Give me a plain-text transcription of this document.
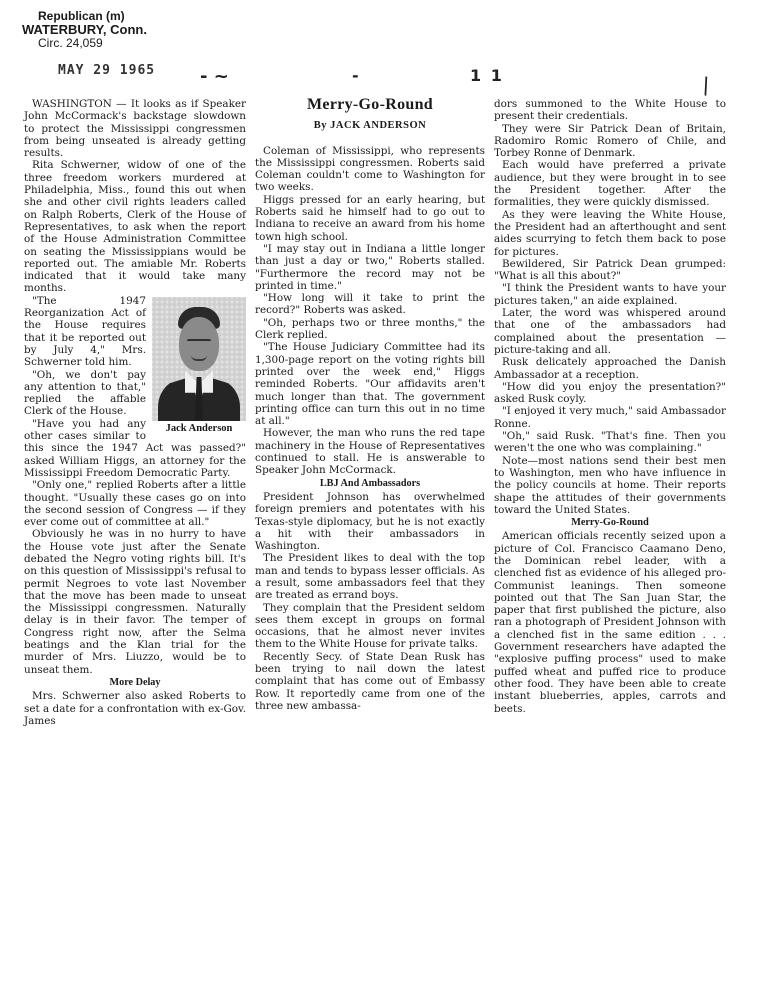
Republican (m)
WATERBURY, Conn.
Circ. 24,059
MAY 29 1965 - ~	-	1 1	\

WASHINGTON — It looks as if Speaker John McCormack's backstage slowdown to protect the Mississippi congressmen from being unseated is already getting results.

Rita Schwerner, widow of one of the three freedom workers murdered at Philadelphia, Miss., found this out when she and other civil rights leaders called on Ralph Roberts, Clerk of the House of Representatives, to ask when the report of the House Administration Committee on seating the Mississippians would be reported out. The amiable Mr. Roberts indicated that it would take many months.

Jack Anderson

"The 1947 Reorganization Act of the House requires that it be reported out by July 4," Mrs. Schwerner told him.

"Oh, we don't pay any attention to that," replied the affable Clerk of the House.

"Have you had any other cases similar to this since the 1947 Act was passed?" asked William Higgs, an attorney for the Mississippi Freedom Democratic Party.

"Only one," replied Roberts after a little thought. "Usually these cases go on into the second session of Congress — if they ever come out of committee at all."

Obviously he was in no hurry to have the House vote just after the Senate debated the Negro voting rights bill. It's on this question of Mississippi's refusal to permit Negroes to vote last November that the move has been made to unseat the Mississippi congressmen. Naturally delay is in their favor. The temper of Congress right now, after the Selma beatings and the Klan trial for the murder of Mrs. Liuzzo, would be to unseat them.

More Delay

Mrs. Schwerner also asked Roberts to set a date for a confrontation with ex-Gov. James

Merry-Go-Round
By JACK ANDERSON

Coleman of Mississippi, who represents the Mississippi congressmen. Roberts said Coleman couldn't come to Washington for two weeks.

Higgs pressed for an early hearing, but Roberts said he himself had to go out to Indiana to receive an award from his home town high school.

"I may stay out in Indiana a little longer than just a day or two," Roberts stalled. "Furthermore the record may not be printed in time."

"How long will it take to print the record?" Roberts was asked.

"Oh, perhaps two or three months," the Clerk replied.

"The House Judiciary Committee had its 1,300-page report on the voting rights bill printed over the week end," Higgs reminded Roberts. "Our affidavits aren't much longer than that. The government printing office can turn this out in no time at all."

However, the man who runs the red tape machinery in the House of Representatives continued to stall. He is answerable to Speaker John McCormack.

LBJ And Ambassadors

President Johnson has overwhelmed foreign premiers and potentates with his Texas-style diplomacy, but he is not exactly a hit with their ambassadors in Washington.

The President likes to deal with the top man and tends to bypass lesser officials. As a result, some ambassadors feel that they are treated as errand boys.

They complain that the President seldom sees them except in groups on formal occasions, that he almost never invites them to the White House for private talks.

Recently Secy. of State Dean Rusk has been trying to nail down the latest complaint that has come out of Embassy Row. It reportedly came from one of the three new ambassa-

dors summoned to the White House to present their credentials.

They were Sir Patrick Dean of Britain, Radomiro Romic Romero of Chile, and Torbey Ronne of Denmark.

Each would have preferred a private audience, but they were brought in to see the President together. After the formalities, they were quickly dismissed.

As they were leaving the White House, the President had an afterthought and sent aides scurrying to fetch them back to pose for pictures.

Bewildered, Sir Patrick Dean grumped: "What is all this about?"

"I think the President wants to have your pictures taken," an aide explained.

Later, the word was whispered around that one of the ambassadors had complained about the presentation — picture-taking and all.

Rusk delicately approached the Danish Ambassador at a reception.

"How did you enjoy the presentation?" asked Rusk coyly.

"I enjoyed it very much," said Ambassador Ronne.

"Oh," said Rusk. "That's fine. Then you weren't the one who was complaining."

Note—most nations send their best men to Washington, men who have influence in the policy councils at home. Their reports shape the attitudes of their governments toward the United States.

Merry-Go-Round

American officials recently seized upon a picture of Col. Francisco Caamano Deno, the Dominican rebel leader, with a clenched fist as evidence of his alleged pro-Communist leanings. Then someone pointed out that The San Juan Star, the paper that first published the picture, also ran a photograph of President Johnson with a clenched fist in the same edition . . . Government researchers have adapted the "explosive puffing process" used to make puffed wheat and puffed rice to produce other food. They have been able to create instant blueberries, apples, carrots and beets.
